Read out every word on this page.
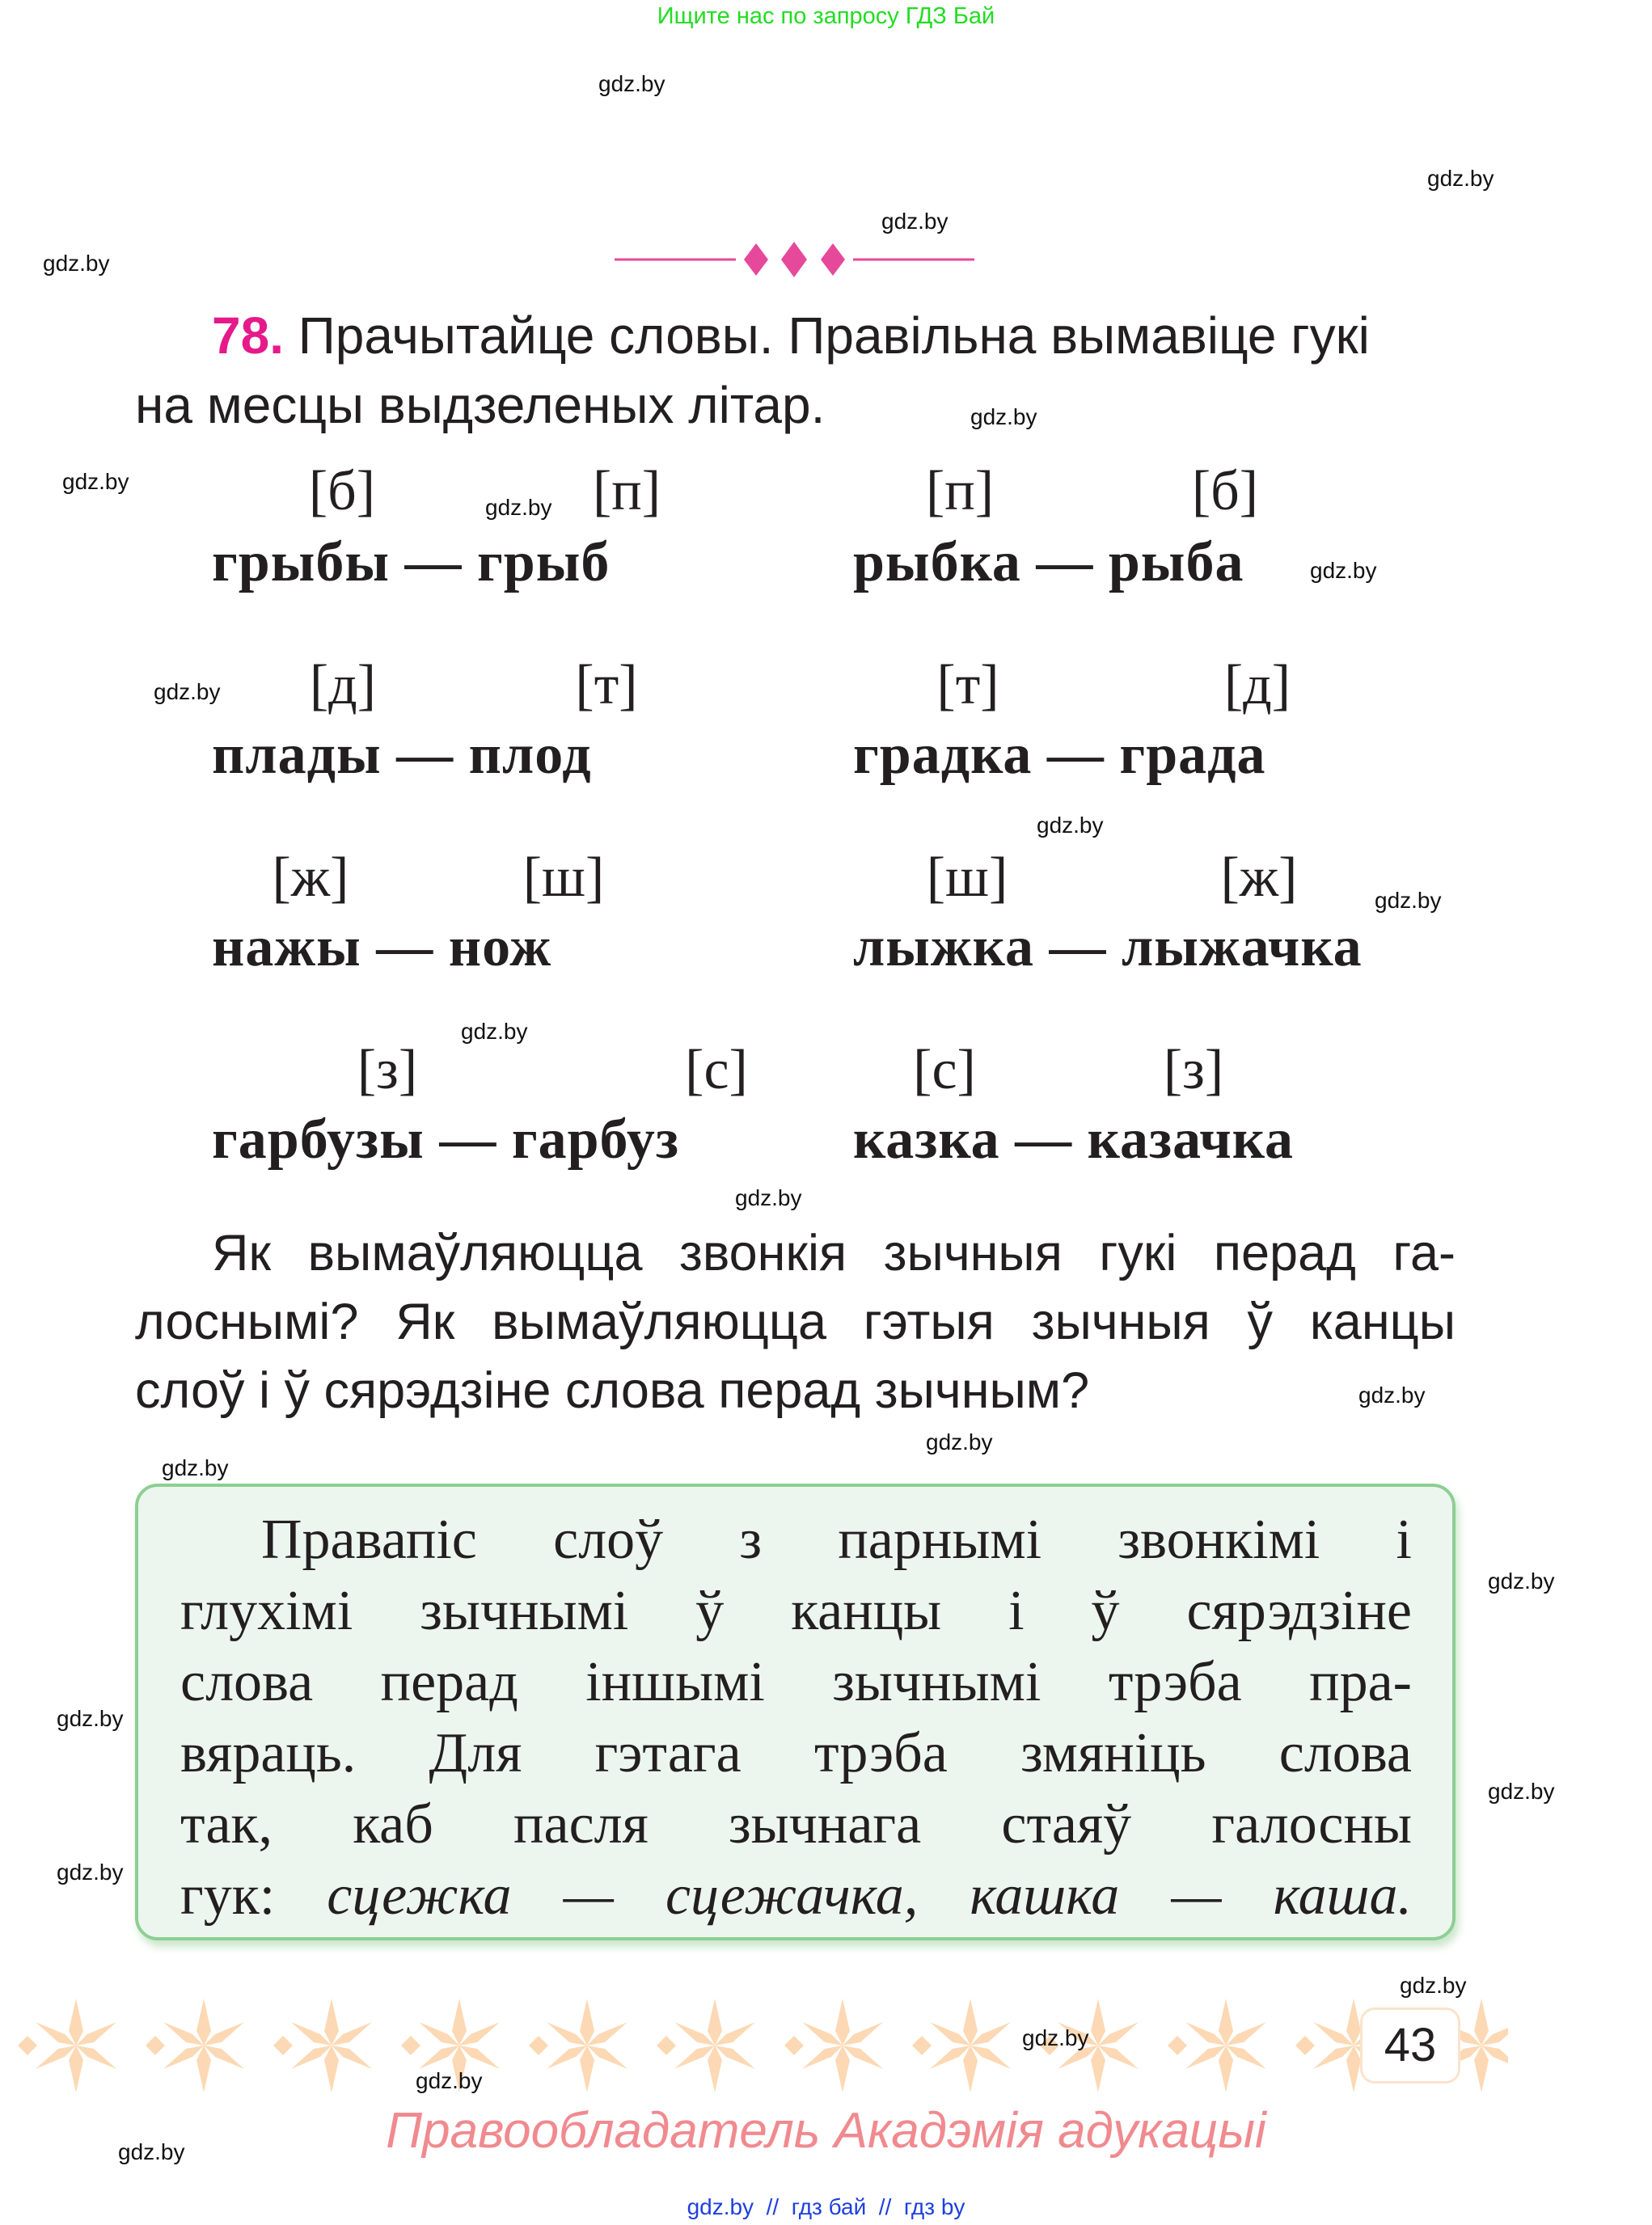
Ищите нас по запросу ГДЗ Бай
gdz.by
gdz.by
gdz.by
gdz.by
gdz.by
gdz.by
gdz.by
gdz.by
gdz.by
gdz.by
gdz.by
gdz.by
gdz.by
gdz.by
gdz.by
78. Прачытайце словы. Правільна вымавіце гукі
на месцы выдзеленых літар.
[б]	[п]
грыбы — грыб
[п]	[б]
рыбка — рыба
[д]	[т]
плады — плод
[т]	[д]
градка — града
[ж]	[ш]
нажы — нож
[ш]	[ж]
лыжка — лыжачка
[з]	[с]
гарбузы — гарбуз
[с]	[з]
казка — казачка
Як вымаўляюцца звонкія зычныя гукі перад га-
лоснымі? Як вымаўляюцца гэтыя зычныя ў канцы
слоў і ў сярэдзіне слова перад зычным?
Правапіс слоў з парнымі звонкімі і
глухімі зычнымі ў канцы і ў сярэдзіне
слова перад іншымі зычнымі трэба пра-
вяраць. Для гэтага трэба змяніць слова
так, каб пасля зычнага стаяў галосны
гук: сцежка — сцежачка, кашка — каша.
gdz.by
gdz.by
gdz.by
gdz.by
gdz.by
43
gdz.by
gdz.by
gdz.by
gdz.by	Правообладатель Акадэмія адукацыі
gdz.by  //  гдз бай  //  гдз by
